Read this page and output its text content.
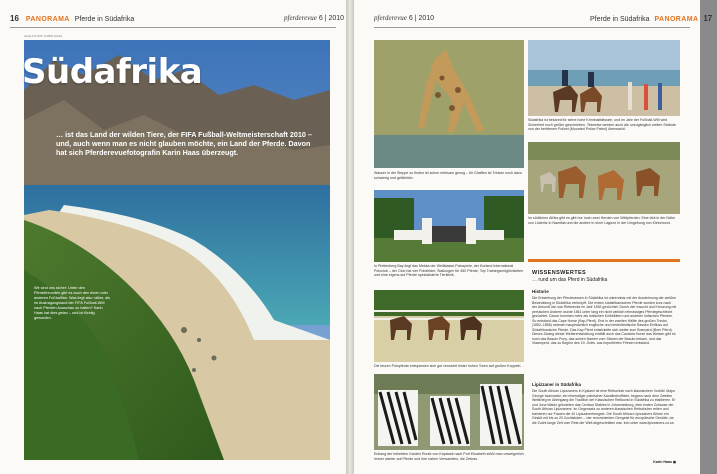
16 PANORAMA Pferde in Südafrika	pferderevue 6 | 2010
ALLE FOTOS: KARIN HAAS
Südafrika
… ist das Land der wilden Tiere, der FIFA Fußball-Weltmeisterschaft 2010 – und, auch wenn man es nicht glauben möchte, ein Land der Pferde. Davon hat sich Pferderevuefotografin Karin Haas überzeugt.
Wir sind uns sicher: Unter den Pferdefreunden gibt es auch den einen oder anderen Fußballfan. Was liegt also näher, als im Austragungsland der FIFA Fußball-WM nach Pferden Ausschau zu halten? Karin Haas hat dies getan – und ist fündig geworden.
pferderevue 6 | 2010	Pferde in Südafrika PANORAMA 17
Wasser in der Steppe zu finden ist schon mühsam genug – für Giraffen ist Trinken noch dazu schwierig und gefährlich.
Südafrika ist bekannt für seine hohe Kriminalitätsrate, und im Jahr der Fußball-WM wird Sicherheit noch größer geschrieben. Teilweise werden auch die unzugänglich weiten Strände von der berittenen Polizei (Mounted Police Patrol) überwacht.
Im südlichen Afrika gibt es gibt nur noch zwei Herden von Wildpferden: Eine lebt in der Nähe von Lüderitz in Namibia und die andere in einer Lagune in der Umgebung von Kleinmond.
In Plettenberg Bay liegt das Mekka der Weltklasse-Polospiele, der Kurland International Poloclub – der Club hat vier Polofelder, Stallungen für 450 Pferde, Top Trainingsmöglichkeiten und eine eigens auf Pferde spezialisierte Tierklinik.
Die teuren Polopferde entspannen sich gut verwahrt hinter hohen Toren auf großen Koppeln.
Entlang der beliebten Garden Route von Kapstadt nach Port Elizabeth stößt man unweigerlich immer wieder auf Pferde und ihre nahen Verwandten, die Zebras.
WISSENSWERTES
… rund um das Pferd in Südafrika
Historie

Die Entstehung der Pferderassen in Südafrika ist untrennbar mit der Ausdehnung der weißen Besiedelung in Südafrika verknüpft. Die ersten südafrikanischen Pferde wurden kurz nach der Ankunft Jan van Riebeecks im Jahr 1652 gezüchtet. Durch vier Insucht und Kreuzung mit persischen Arabern wurde 1561 unter lang ein nicht wirklich reinrassiges Pferdegeschlecht gezüchtet. Davon kommen mehr als indischen Kolbblütern und anderen indischen Pferden. So entstand das Cape Horse (Kap-Pferd). Erst in der zweiten Hälfte des großen Trecks (1652–1856) nahmen hauptsächlich englische und niederländische Rassen Einfluss auf Südafrikanische Pferde. Das Kap Pferd entwickelte sich weiter zum Boerperd (Boer Pferd). Dieses Zwang dieser Weiterentwicklung entfällt auch das Cavalvia Horse das Weisen gibt es noch das Basuto Pony, das seinen Namen vom Stamm der Basuto bekam, und das Vlaamperd, das zu Beginn des 19. Jhdts. aus importierten Friesen entstand.

Lipizzaner in Südafrika

Die South African Lipizzaners in Kyalami ist eine Reitschule nach klassischem Vorbild. Major George Iwanowski, ein ehemaliger polnischer Kavallerieoffizier, begann nach dem Zweiten Weltkrieg im Alleingang die Tradition der Klassischen Reitkunst in Südafrika zu etablieren. Er und Jona Waldo gründeten das Centaur Stables in Johannesburg, dem ersten Zuhause der South African Lipizzaners. Im Gegensatz zu anderen klassischen Reitschulen reiten und trainieren nur Frauen die 40 Lipizzanerhengste. Die South African Lipizzaners führen ein Gestüt mit bis zu 20 Zuchtstuten – vier renommierten Gengeist für europäische Gestüte, da die Zucht lange Zeit vom Rest der Welt abgeschnitten war. Info unter www.lipizzaners.co.za

Karin Haas ◼
